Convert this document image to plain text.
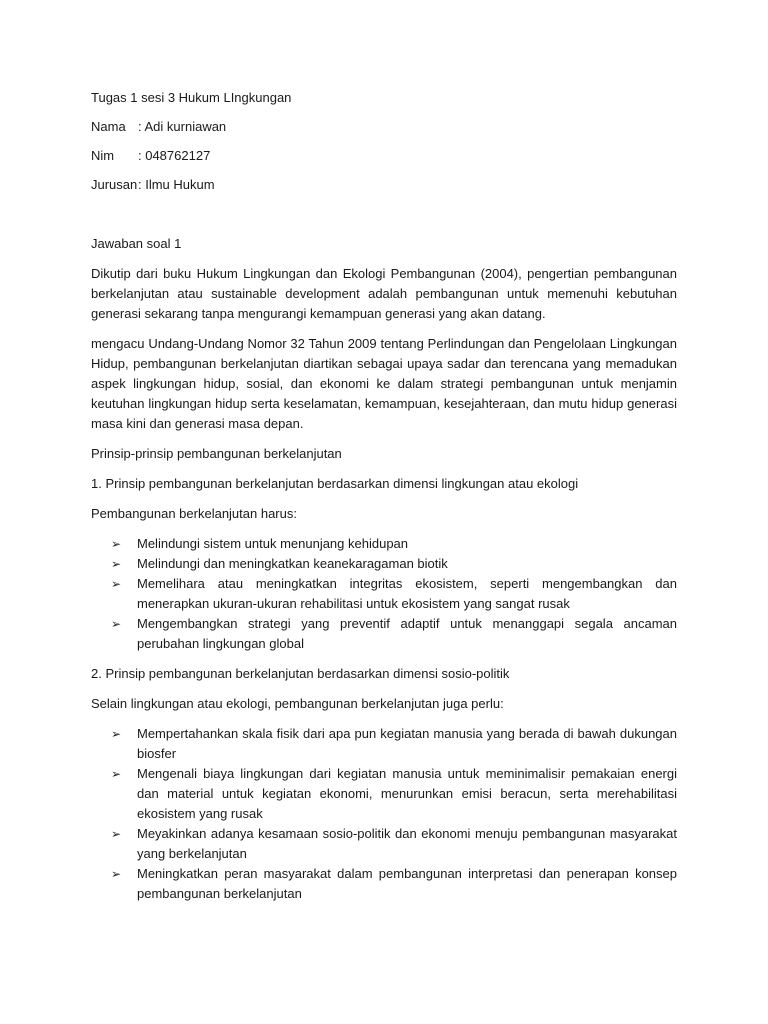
Tugas 1 sesi 3 Hukum LIngkungan

Nama : Adi kurniawan
Nim	: 048762127
Jurusan : Ilmu Hukum

Jawaban soal 1

Dikutip dari buku Hukum Lingkungan dan Ekologi Pembangunan (2004), pengertian pembangunan berkelanjutan atau sustainable development adalah pembangunan untuk memenuhi kebutuhan generasi sekarang tanpa mengurangi kemampuan generasi yang akan datang.

mengacu Undang-Undang Nomor 32 Tahun 2009 tentang Perlindungan dan Pengelolaan Lingkungan Hidup, pembangunan berkelanjutan diartikan sebagai upaya sadar dan terencana yang memadukan aspek lingkungan hidup, sosial, dan ekonomi ke dalam strategi pembangunan untuk menjamin keutuhan lingkungan hidup serta keselamatan, kemampuan, kesejahteraan, dan mutu hidup generasi masa kini dan generasi masa depan.

Prinsip-prinsip pembangunan berkelanjutan

1. Prinsip pembangunan berkelanjutan berdasarkan dimensi lingkungan atau ekologi

Pembangunan berkelanjutan harus:

➢ Melindungi sistem untuk menunjang kehidupan
➢ Melindungi dan meningkatkan keanekaragaman biotik
➢ Memelihara atau meningkatkan integritas ekosistem, seperti mengembangkan dan menerapkan ukuran-ukuran rehabilitasi untuk ekosistem yang sangat rusak
➢ Mengembangkan strategi yang preventif adaptif untuk menanggapi segala ancaman perubahan lingkungan global

2. Prinsip pembangunan berkelanjutan berdasarkan dimensi sosio-politik

Selain lingkungan atau ekologi, pembangunan berkelanjutan juga perlu:

➢ Mempertahankan skala fisik dari apa pun kegiatan manusia yang berada di bawah dukungan biosfer
➢ Mengenali biaya lingkungan dari kegiatan manusia untuk meminimalisir pemakaian energi dan material untuk kegiatan ekonomi, menurunkan emisi beracun, serta merehabilitasi ekosistem yang rusak
➢ Meyakinkan adanya kesamaan sosio-politik dan ekonomi menuju pembangunan masyarakat yang berkelanjutan
➢ Meningkatkan peran masyarakat dalam pembangunan interpretasi dan penerapan konsep pembangunan berkelanjutan
